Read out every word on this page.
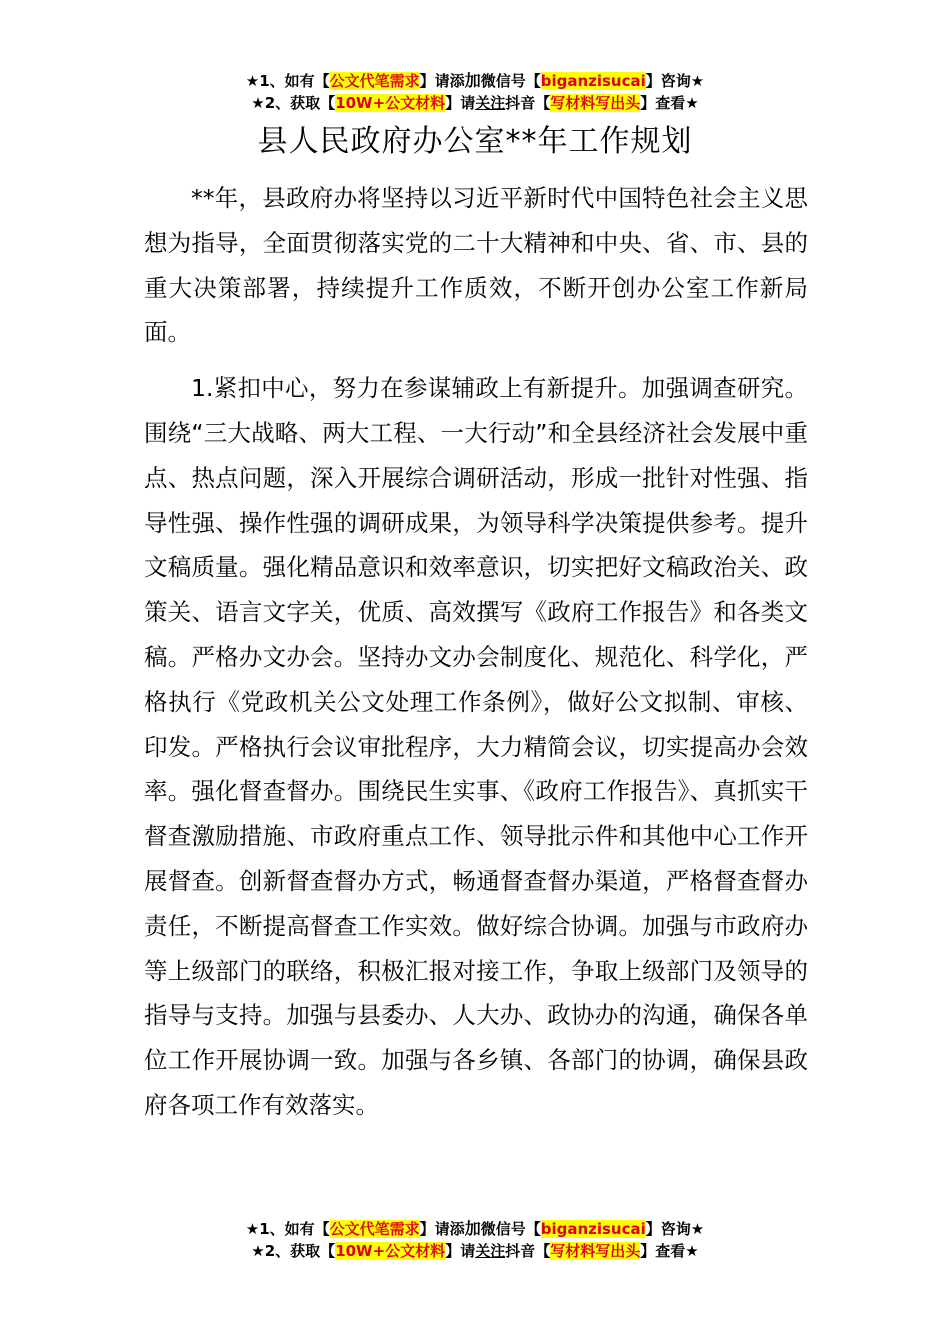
★1、如有【公文代笔需求】请添加微信号【biganzisucai】咨询★
★2、获取【10W+公文材料】请关注抖音【写材料写出头】查看★
县人民政府办公室**年工作规划

**年，县政府办将坚持以习近平新时代中国特色社会主义思想为指导，全面贯彻落实党的二十大精神和中央、省、市、县的重大决策部署，持续提升工作质效，不断开创办公室工作新局面。

1.紧扣中心，努力在参谋辅政上有新提升。加强调查研究。围绕“三大战略、两大工程、一大行动”和全县经济社会发展中重点、热点问题，深入开展综合调研活动，形成一批针对性强、指导性强、操作性强的调研成果，为领导科学决策提供参考。提升文稿质量。强化精品意识和效率意识，切实把好文稿政治关、政策关、语言文字关，优质、高效撰写《政府工作报告》和各类文稿。严格办文办会。坚持办文办会制度化、规范化、科学化，严格执行《党政机关公文处理工作条例》，做好公文拟制、审核、印发。严格执行会议审批程序，大力精简会议，切实提高办会效率。强化督查督办。围绕民生实事、《政府工作报告》、真抓实干督查激励措施、市政府重点工作、领导批示件和其他中心工作开展督查。创新督查督办方式，畅通督查督办渠道，严格督查督办责任，不断提高督查工作实效。做好综合协调。加强与市政府办等上级部门的联络，积极汇报对接工作，争取上级部门及领导的指导与支持。加强与县委办、人大办、政协办的沟通，确保各单位工作开展协调一致。加强与各乡镇、各部门的协调，确保县政府各项工作有效落实。

★1、如有【公文代笔需求】请添加微信号【biganzisucai】咨询★
★2、获取【10W+公文材料】请关注抖音【写材料写出头】查看★
